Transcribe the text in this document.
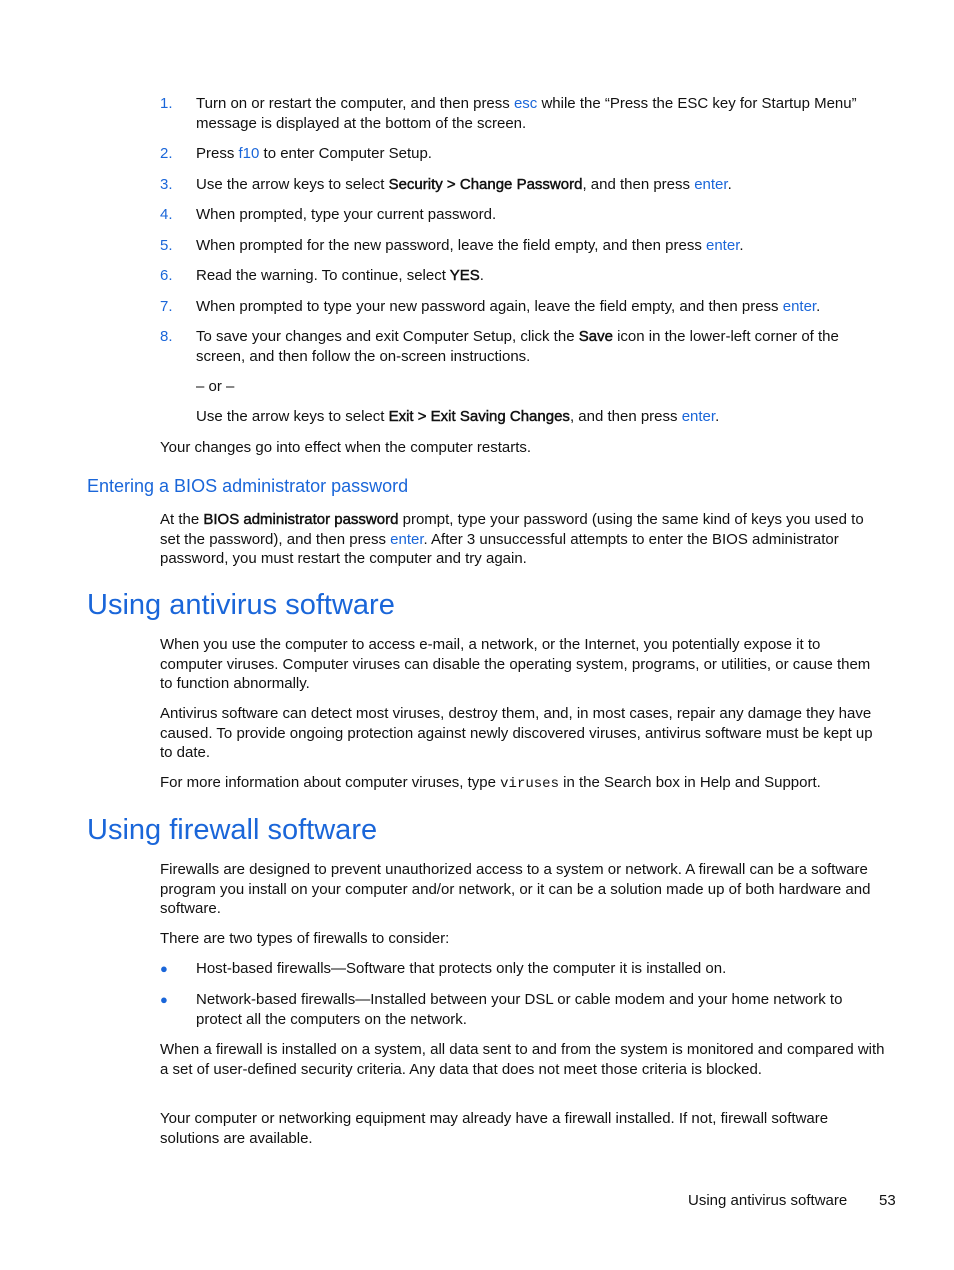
1. Turn on or restart the computer, and then press esc while the “Press the ESC key for Startup Menu” message is displayed at the bottom of the screen.
2. Press f10 to enter Computer Setup.
3. Use the arrow keys to select Security > Change Password, and then press enter.
4. When prompted, type your current password.
5. When prompted for the new password, leave the field empty, and then press enter.
6. Read the warning. To continue, select YES.
7. When prompted to type your new password again, leave the field empty, and then press enter.
8. To save your changes and exit Computer Setup, click the Save icon in the lower-left corner of the screen, and then follow the on-screen instructions.
– or –
Use the arrow keys to select Exit > Exit Saving Changes, and then press enter.
Your changes go into effect when the computer restarts.
Entering a BIOS administrator password
At the BIOS administrator password prompt, type your password (using the same kind of keys you used to set the password), and then press enter. After 3 unsuccessful attempts to enter the BIOS administrator password, you must restart the computer and try again.
Using antivirus software
When you use the computer to access e-mail, a network, or the Internet, you potentially expose it to computer viruses. Computer viruses can disable the operating system, programs, or utilities, or cause them to function abnormally.
Antivirus software can detect most viruses, destroy them, and, in most cases, repair any damage they have caused. To provide ongoing protection against newly discovered viruses, antivirus software must be kept up to date.
For more information about computer viruses, type viruses in the Search box in Help and Support.
Using firewall software
Firewalls are designed to prevent unauthorized access to a system or network. A firewall can be a software program you install on your computer and/or network, or it can be a solution made up of both hardware and software.
There are two types of firewalls to consider:
● Host-based firewalls—Software that protects only the computer it is installed on.
● Network-based firewalls—Installed between your DSL or cable modem and your home network to protect all the computers on the network.
When a firewall is installed on a system, all data sent to and from the system is monitored and compared with a set of user-defined security criteria. Any data that does not meet those criteria is blocked.
Your computer or networking equipment may already have a firewall installed. If not, firewall software solutions are available.
Using antivirus software 53
